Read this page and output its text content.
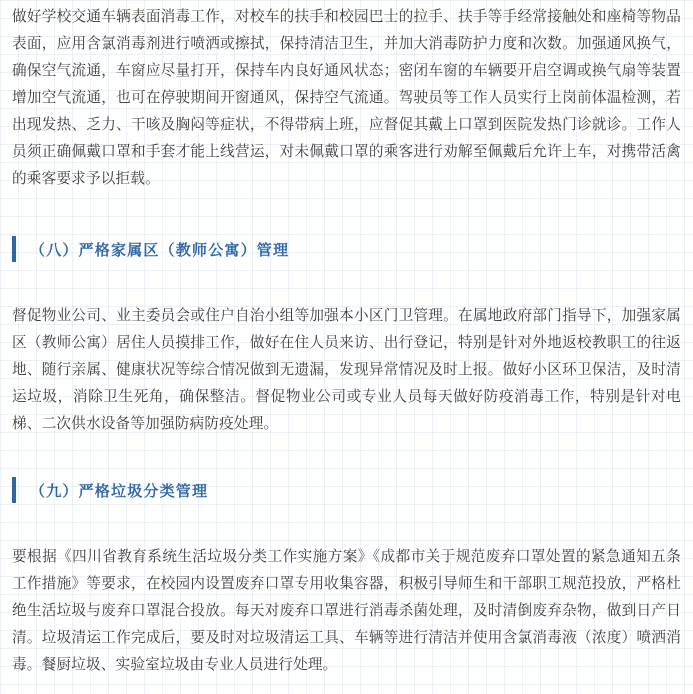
做好学校交通车辆表面消毒工作，对校车的扶手和校园巴士的拉手、扶手等手经常接触处和座椅等物品表面，应用含氯消毒剂进行喷洒或擦拭，保持清洁卫生，并加大消毒防护力度和次数。加强通风换气，确保空气流通，车窗应尽量打开，保持车内良好通风状态；密闭车窗的车辆要开启空调或换气扇等装置增加空气流通，也可在停驶期间开窗通风，保持空气流通。驾驶员等工作人员实行上岗前体温检测，若出现发热、乏力、干咳及胸闷等症状，不得带病上班，应督促其戴上口罩到医院发热门诊就诊。工作人员须正确佩戴口罩和手套才能上线营运，对未佩戴口罩的乘客进行劝解至佩戴后允许上车，对携带活禽的乘客要求予以拒载。

（八）严格家属区（教师公寓）管理

督促物业公司、业主委员会或住户自治小组等加强本小区门卫管理。在属地政府部门指导下，加强家属区（教师公寓）居住人员摸排工作，做好在住人员来访、出行登记，特别是针对外地返校教职工的往返地、随行亲属、健康状况等综合情况做到无遗漏，发现异常情况及时上报。做好小区环卫保洁，及时清运垃圾，消除卫生死角，确保整洁。督促物业公司或专业人员每天做好防疫消毒工作，特别是针对电梯、二次供水设备等加强防病防疫处理。

（九）严格垃圾分类管理

要根据《四川省教育系统生活垃圾分类工作实施方案》《成都市关于规范废弃口罩处置的紧急通知五条工作措施》等要求，在校园内设置废弃口罩专用收集容器，积极引导师生和干部职工规范投放，严格杜绝生活垃圾与废弃口罩混合投放。每天对废弃口罩进行消毒杀菌处理，及时清倒废弃杂物，做到日产日清。垃圾清运工作完成后，要及时对垃圾清运工具、车辆等进行清洁并使用含氯消毒液（浓度）喷洒消毒。餐厨垃圾、实验室垃圾由专业人员进行处理。
